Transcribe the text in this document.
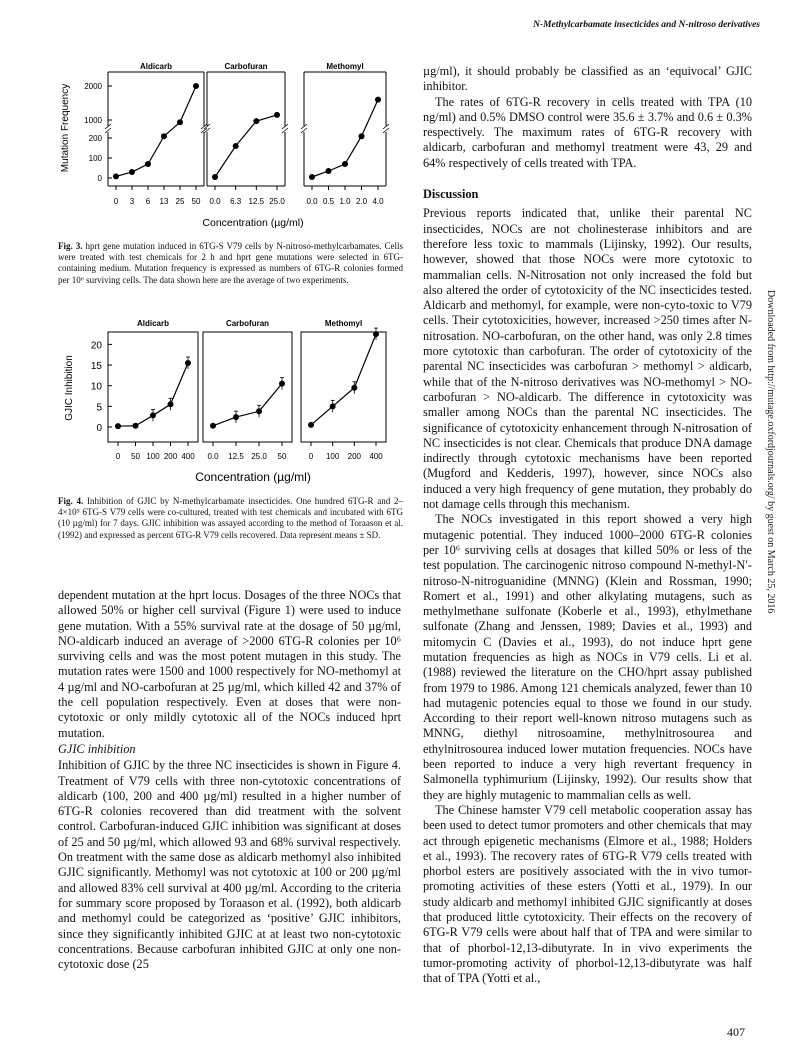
N-Methylcarbamate insecticides and N-nitroso derivatives
Mutation Frequency
Concentration (µg/ml)
2000
1000
200
100
0
Aldicarb
0 3 6 13 25 50
Carbofuran
0.0 6.3 12.5 25.0
Methomyl
0.0 0.5 1.0 2.0 4.0
GJIC Inhibition
Concentration (µg/ml)
20
15
10
5
0
Aldicarb
0 50 100 200 400
Carbofuran
0.0 12.5 25.0 50
Methomyl
0 100 200 400
Fig. 3. hprt gene mutation induced in 6TG-S V79 cells by N-nitroso-methylcarbamates. Cells were treated with test chemicals for 2 h and hprt gene mutations were selected in 6TG-containing medium. Mutation frequency is expressed as numbers of 6TG-R colonies formed per 10⁶ surviving cells. The data shown here are the average of two experiments.
Fig. 4. Inhibition of GJIC by N-methylcarbamate insecticides. One hundred 6TG-R and 2–4×10⁵ 6TG-S V79 cells were co-cultured, treated with test chemicals and incubated with 6TG (10 µg/ml) for 7 days. GJIC inhibition was assayed according to the method of Toraason et al. (1992) and expressed as percent 6TG-R V79 cells recovered. Data represent means ± SD.

dependent mutation at the hprt locus. Dosages of the three NOCs that allowed 50% or higher cell survival (Figure 1) were used to induce gene mutation. With a 55% survival rate at the dosage of 50 µg/ml, NO-aldicarb induced an average of >2000 6TG-R colonies per 10⁶ surviving cells and was the most potent mutagen in this study. The mutation rates were 1500 and 1000 respectively for NO-methomyl at 4 µg/ml and NO-carbofuran at 25 µg/ml, which killed 42 and 37% of the cell population respectively. Even at doses that were non-cytotoxic or only mildly cytotoxic all of the NOCs induced hprt mutation.

GJIC inhibition

Inhibition of GJIC by the three NC insecticides is shown in Figure 4. Treatment of V79 cells with three non-cytotoxic concentrations of aldicarb (100, 200 and 400 µg/ml) resulted in a higher number of 6TG-R colonies recovered than did treatment with the solvent control. Carbofuran-induced GJIC inhibition was significant at doses of 25 and 50 µg/ml, which allowed 93 and 68% survival respectively. On treatment with the same dose as aldicarb methomyl also inhibited GJIC significantly. Methomyl was not cytotoxic at 100 or 200 µg/ml and allowed 83% cell survival at 400 µg/ml. According to the criteria for summary score proposed by Toraason et al. (1992), both aldicarb and methomyl could be categorized as ‘positive’ GJIC inhibitors, since they significantly inhibited GJIC at at least two non-cytotoxic concentrations. Because carbofuran inhibited GJIC at only one non-cytotoxic dose (25

µg/ml), it should probably be classified as an ‘equivocal’ GJIC inhibitor.

The rates of 6TG-R recovery in cells treated with TPA (10 ng/ml) and 0.5% DMSO control were 35.6 ± 3.7% and 0.6 ± 0.3% respectively. The maximum rates of 6TG-R recovery with aldicarb, carbofuran and methomyl treatment were 43, 29 and 64% respectively of cells treated with TPA.

Discussion

Previous reports indicated that, unlike their parental NC insecticides, NOCs are not cholinesterase inhibitors and are therefore less toxic to mammals (Lijinsky, 1992). Our results, however, showed that those NOCs were more cytotoxic to mammalian cells. N-Nitrosation not only increased the fold but also altered the order of cytotoxicity of the NC insecticides tested. Aldicarb and methomyl, for example, were non-cyto-toxic to V79 cells. Their cytotoxicities, however, increased >250 times after N-nitrosation. NO-carbofuran, on the other hand, was only 2.8 times more cytotoxic than carbofuran. The order of cytotoxicity of the parental NC insecticides was carbofuran > methomyl > aldicarb, while that of the N-nitroso derivatives was NO-methomyl > NO-carbofuran > NO-aldicarb. The difference in cytotoxicity was smaller among NOCs than the parental NC insecticides. The significance of cytotoxicity enhancement through N-nitrosation of NC insecticides is not clear. Chemicals that produce DNA damage indirectly through cytotoxic mechanisms have been reported (Mugford and Kedderis, 1997), however, since NOCs also induced a very high frequency of gene mutation, they probably do not damage cells through this mechanism.

The NOCs investigated in this report showed a very high mutagenic potential. They induced 1000–2000 6TG-R colonies per 10⁶ surviving cells at dosages that killed 50% or less of the test population. The carcinogenic nitroso compound N-methyl-N′-nitroso-N-nitroguanidine (MNNG) (Klein and Rossman, 1990; Romert et al., 1991) and other alkylating mutagens, such as methylmethane sulfonate (Koberle et al., 1993), ethylmethane sulfonate (Zhang and Jenssen, 1989; Davies et al., 1993) and mitomycin C (Davies et al., 1993), do not induce hprt gene mutation frequencies as high as NOCs in V79 cells. Li et al. (1988) reviewed the literature on the CHO/hprt assay published from 1979 to 1986. Among 121 chemicals analyzed, fewer than 10 had mutagenic potencies equal to those we found in our study. According to their report well-known nitroso mutagens such as MNNG, diethyl nitrosoamine, methylnitrosourea and ethylnitrosourea induced lower mutation frequencies. NOCs have been reported to induce a very high revertant frequency in Salmonella typhimurium (Lijinsky, 1992). Our results show that they are highly mutagenic to mammalian cells as well.

The Chinese hamster V79 cell metabolic cooperation assay has been used to detect tumor promoters and other chemicals that may act through epigenetic mechanisms (Elmore et al., 1988; Holders et al., 1993). The recovery rates of 6TG-R V79 cells treated with phorbol esters are positively associated with the in vivo tumor-promoting activities of these esters (Yotti et al., 1979). In our study aldicarb and methomyl inhibited GJIC significantly at doses that produced little cytotoxicity. Their effects on the recovery of 6TG-R V79 cells were about half that of TPA and were similar to that of phorbol-12,13-dibutyrate. In in vivo experiments the tumor-promoting activity of phorbol-12,13-dibutyrate was half that of TPA (Yotti et al.,

Downloaded from http://mutage.oxfordjournals.org/ by guest on March 25, 2016
407
